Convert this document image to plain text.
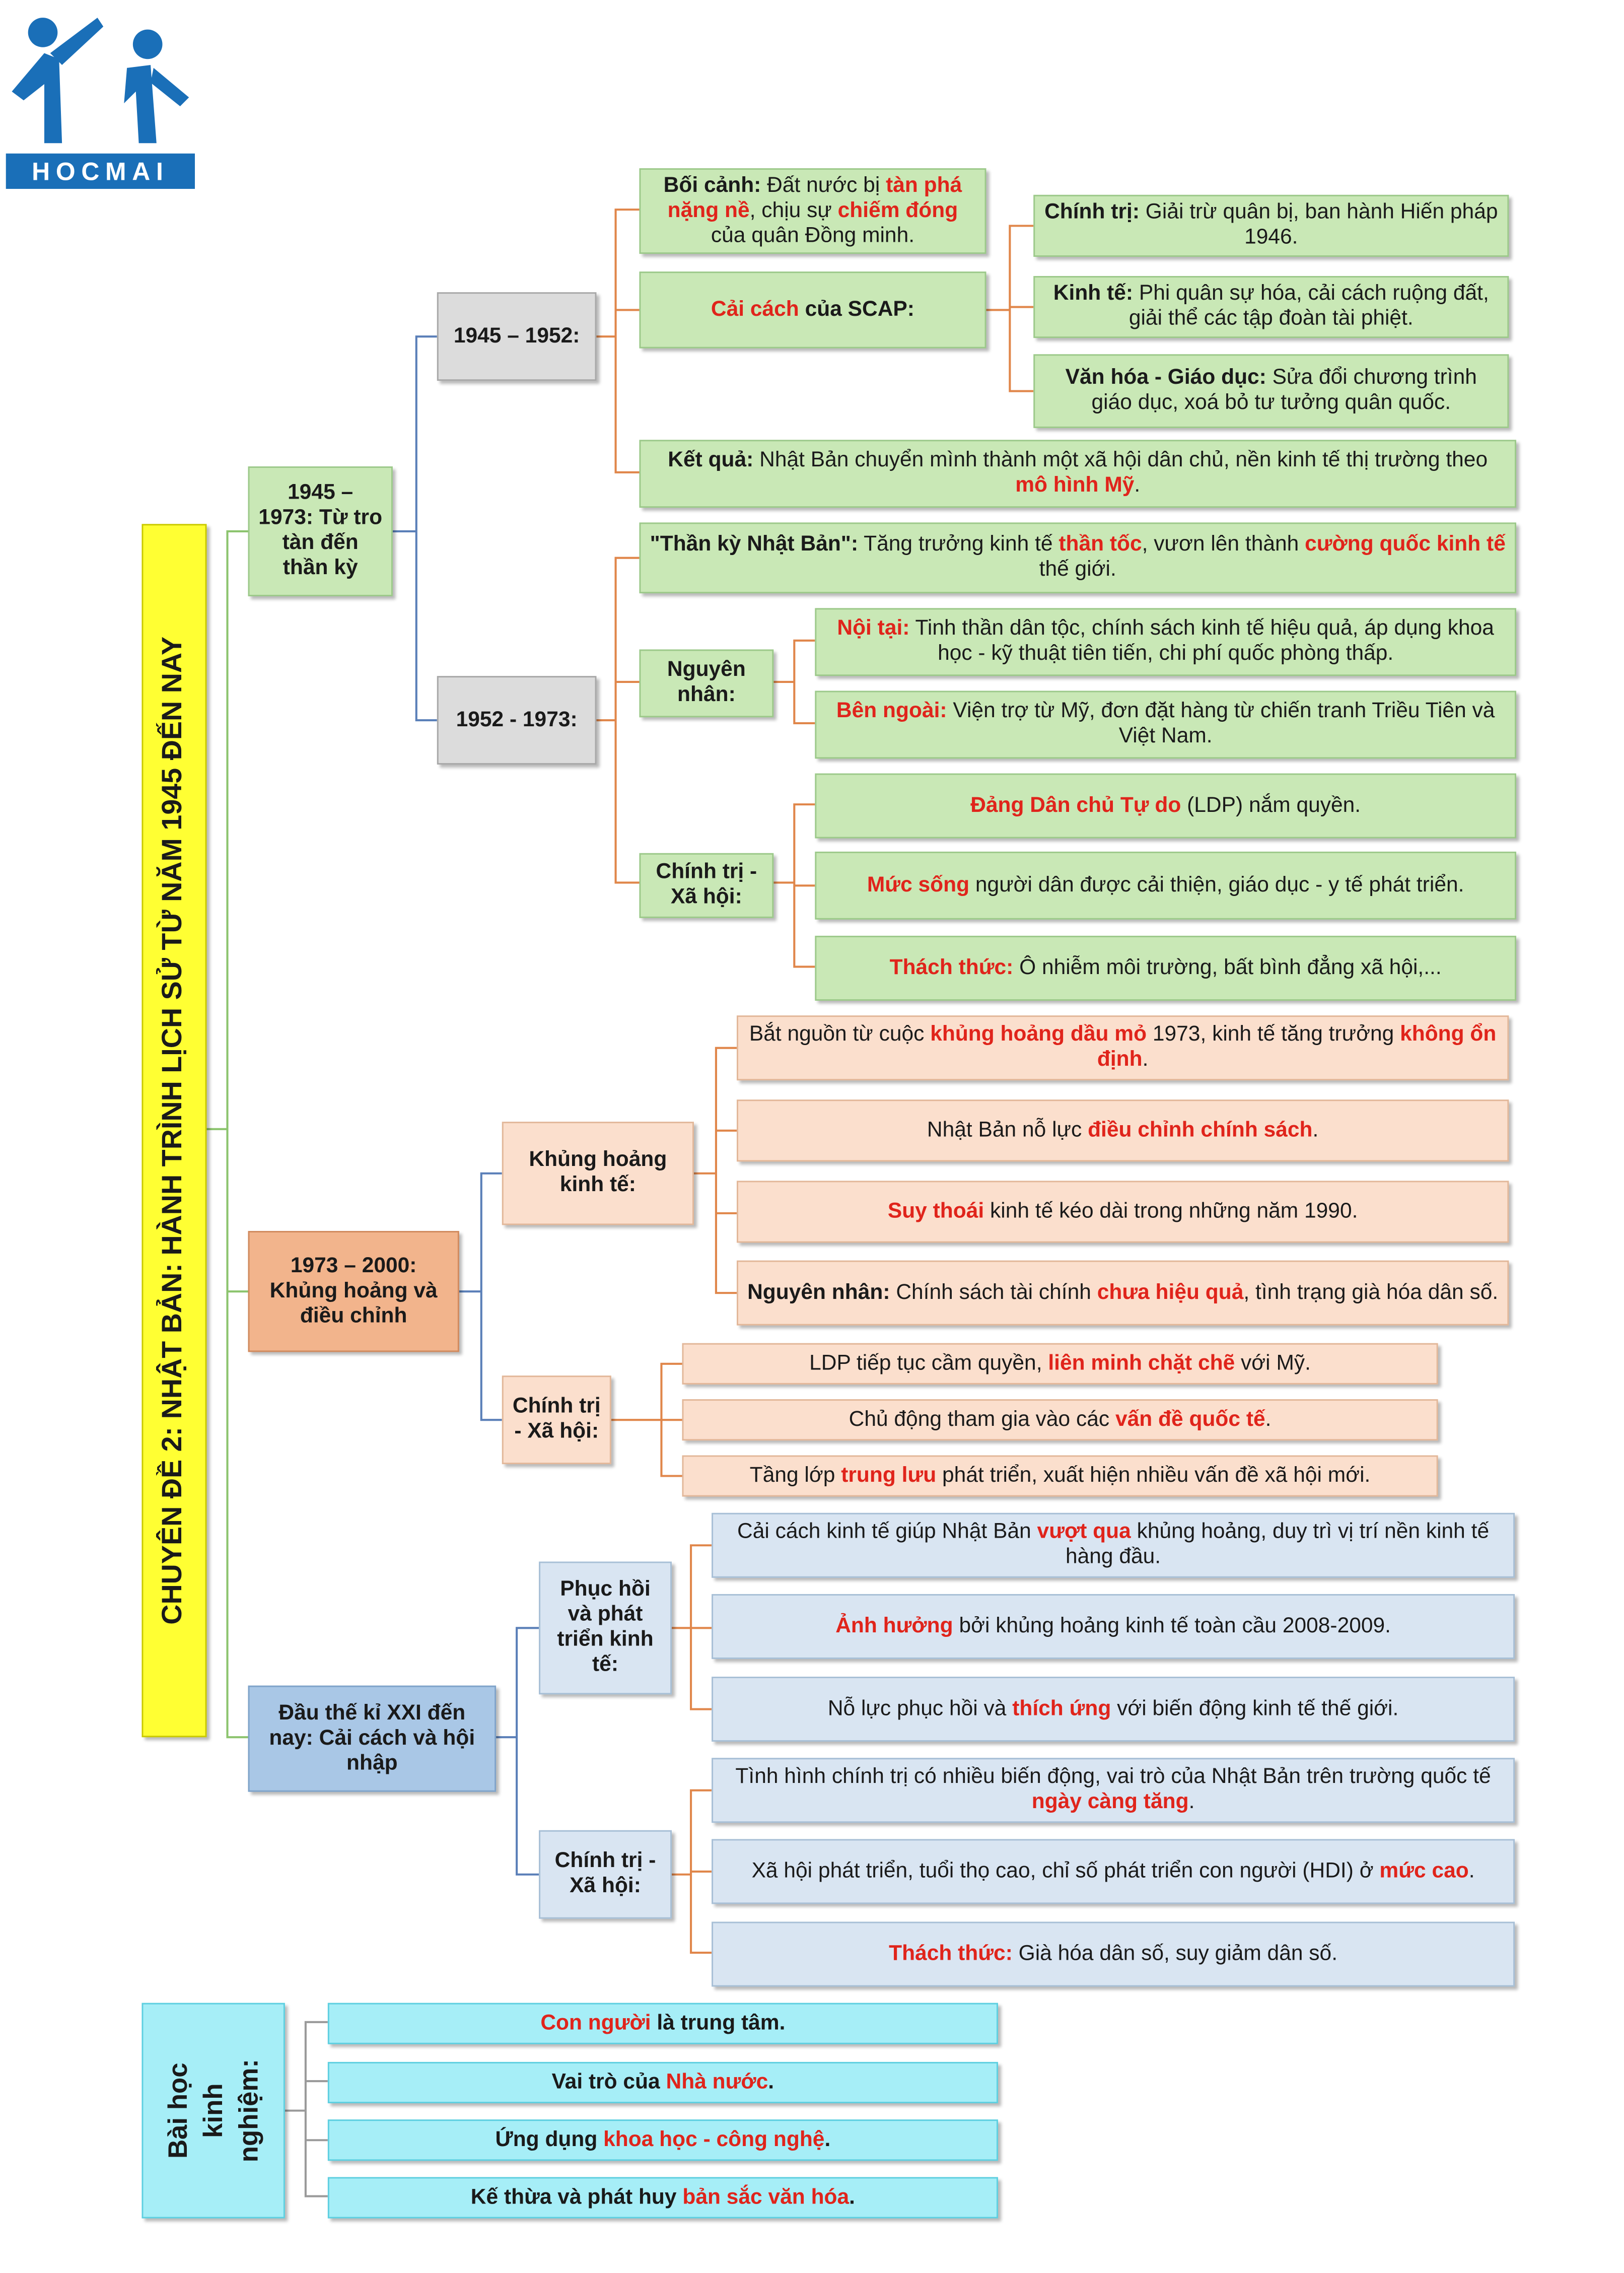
HOCMAI
CHUYÊN ĐỀ 2: NHẬT BẢN: HÀNH TRÌNH LỊCH SỬ TỪ NĂM 1945 ĐẾN NAY
1945 – 1973: Từ tro tàn đến thần kỳ
1945 – 1952:
Bối cảnh: Đất nước bị tàn phá nặng nề, chịu sự chiếm đóng của quân Đồng minh.
Cải cách của SCAP:
Kết quả: Nhật Bản chuyển mình thành một xã hội dân chủ, nền kinh tế thị trường theo mô hình Mỹ.
Chính trị: Giải trừ quân bị, ban hành Hiến pháp 1946.
Kinh tế: Phi quân sự hóa, cải cách ruộng đất, giải thể các tập đoàn tài phiệt.
Văn hóa - Giáo dục: Sửa đổi chương trình giáo dục, xoá bỏ tư tưởng quân quốc.
1952 - 1973:
"Thần kỳ Nhật Bản": Tăng trưởng kinh tế thần tốc, vươn lên thành cường quốc kinh tế thế giới.
Nguyên nhân:
Nội tại: Tinh thần dân tộc, chính sách kinh tế hiệu quả, áp dụng khoa học - kỹ thuật tiên tiến, chi phí quốc phòng thấp.
Bên ngoài: Viện trợ từ Mỹ, đơn đặt hàng từ chiến tranh Triều Tiên và Việt Nam.
Chính trị - Xã hội:
Đảng Dân chủ Tự do (LDP) nắm quyền.
Mức sống người dân được cải thiện, giáo dục - y tế phát triển.
Thách thức: Ô nhiễm môi trường, bất bình đẳng xã hội,...
1973 – 2000: Khủng hoảng và điều chỉnh
Khủng hoảng kinh tế:
Bắt nguồn từ cuộc khủng hoảng dầu mỏ 1973, kinh tế tăng trưởng không ổn định.
Nhật Bản nỗ lực điều chỉnh chính sách.
Suy thoái kinh tế kéo dài trong những năm 1990.
Nguyên nhân: Chính sách tài chính chưa hiệu quả, tình trạng già hóa dân số.
Chính trị - Xã hội:
LDP tiếp tục cầm quyền, liên minh chặt chẽ với Mỹ.
Chủ động tham gia vào các vấn đề quốc tế.
Tầng lớp trung lưu phát triển, xuất hiện nhiều vấn đề xã hội mới.
Đầu thế kỉ XXI đến nay: Cải cách và hội nhập
Phục hồi và phát triển kinh tế:
Cải cách kinh tế giúp Nhật Bản vượt qua khủng hoảng, duy trì vị trí nền kinh tế hàng đầu.
Ảnh hưởng bởi khủng hoảng kinh tế toàn cầu 2008-2009.
Nỗ lực phục hồi và thích ứng với biến động kinh tế thế giới.
Chính trị - Xã hội:
Tình hình chính trị có nhiều biến động, vai trò của Nhật Bản trên trường quốc tế ngày càng tăng.
Xã hội phát triển, tuổi thọ cao, chỉ số phát triển con người (HDI) ở mức cao.
Thách thức: Già hóa dân số, suy giảm dân số.
Bài học kinh nghiệm:
Con người là trung tâm.
Vai trò của Nhà nước.
Ứng dụng khoa học - công nghệ.
Kế thừa và phát huy bản sắc văn hóa.
